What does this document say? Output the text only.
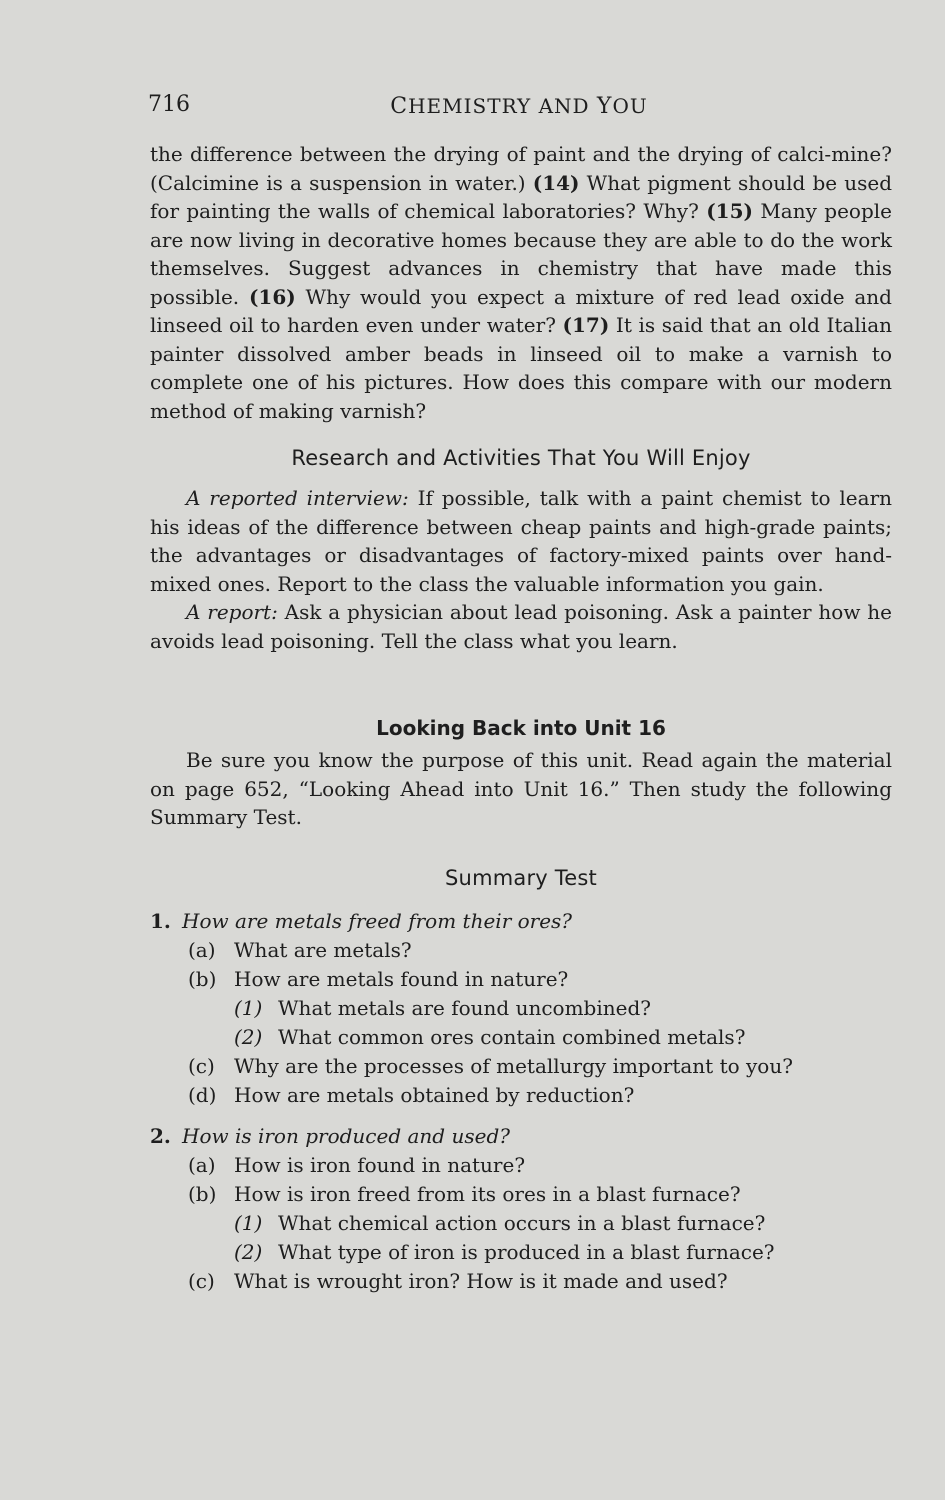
716	CHEMISTRY AND YOU

the difference between the drying of paint and the drying of calci-mine? (Calcimine is a suspension in water.) (14) What pigment should be used for painting the walls of chemical laboratories? Why? (15) Many people are now living in decorative homes because they are able to do the work themselves. Suggest advances in chemistry that have made this possible. (16) Why would you expect a mixture of red lead oxide and linseed oil to harden even under water? (17) It is said that an old Italian painter dissolved amber beads in linseed oil to make a varnish to complete one of his pictures. How does this compare with our modern method of making varnish?

Research and Activities That You Will Enjoy

A reported interview: If possible, talk with a paint chemist to learn his ideas of the difference between cheap paints and high-grade paints; the advantages or disadvantages of factory-mixed paints over hand-mixed ones. Report to the class the valuable information you gain.

A report: Ask a physician about lead poisoning. Ask a painter how he avoids lead poisoning. Tell the class what you learn.

Looking Back into Unit 16

Be sure you know the purpose of this unit. Read again the material on page 652, “Looking Ahead into Unit 16.” Then study the following Summary Test.

Summary Test

1. How are metals freed from their ores?

(a) What are metals?

(b) How are metals found in nature?

(1) What metals are found uncombined?

(2) What common ores contain combined metals?

(c) Why are the processes of metallurgy important to you?

(d) How are metals obtained by reduction?

2. How is iron produced and used?

(a) How is iron found in nature?

(b) How is iron freed from its ores in a blast furnace?

(1) What chemical action occurs in a blast furnace?

(2) What type of iron is produced in a blast furnace?

(c) What is wrought iron? How is it made and used?
